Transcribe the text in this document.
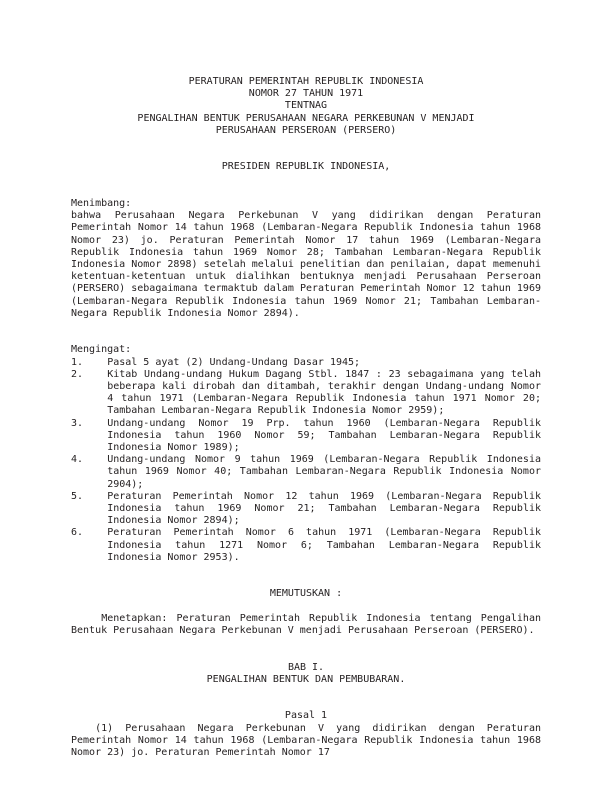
PERATURAN PEMERINTAH REPUBLIK INDONESIA
NOMOR 27 TAHUN 1971
TENTNAG
PENGALIHAN BENTUK PERUSAHAAN NEGARA PERKEBUNAN V MENJADI
PERUSAHAAN PERSEROAN (PERSERO)
PRESIDEN REPUBLIK INDONESIA,
Menimbang:
bahwa Perusahaan Negara Perkebunan V yang didirikan dengan Peraturan Pemerintah Nomor 14 tahun 1968 (Lembaran-Negara Republik Indonesia tahun 1968 Nomor 23) jo. Peraturan Pemerintah Nomor 17 tahun 1969 (Lembaran-Negara Republik Indonesia tahun 1969 Nomor 28; Tambahan Lembaran-Negara Republik Indonesia Nomor 2898) setelah melalui penelitian dan penilaian, dapat memenuhi ketentuan-ketentuan untuk dialihkan bentuknya menjadi Perusahaan Perseroan (PERSERO) sebagaimana termaktub dalam Peraturan Pemerintah Nomor 12 tahun 1969 (Lembaran-Negara Republik Indonesia tahun 1969 Nomor 21; Tambahan Lembaran-Negara Republik Indonesia Nomor 2894).
Mengingat:
1.	Pasal 5 ayat (2) Undang-Undang Dasar 1945;
2.	Kitab Undang-undang Hukum Dagang Stbl. 1847 : 23 sebagaimana yang telah beberapa kali dirobah dan ditambah, terakhir dengan Undang-undang Nomor 4 tahun 1971 (Lembaran-Negara Republik Indonesia tahun 1971 Nomor 20; Tambahan Lembaran-Negara Republik Indonesia Nomor 2959);
3.	Undang-undang Nomor 19 Prp. tahun 1960 (Lembaran-Negara Republik Indonesia tahun 1960 Nomor 59; Tambahan Lembaran-Negara Republik Indonesia Nomor 1989);
4.	Undang-undang Nomor 9 tahun 1969 (Lembaran-Negara Republik Indonesia tahun 1969 Nomor 40; Tambahan Lembaran-Negara Republik Indonesia Nomor 2904);
5.	Peraturan Pemerintah Nomor 12 tahun 1969 (Lembaran-Negara Republik Indonesia tahun 1969 Nomor 21; Tambahan Lembaran-Negara Republik Indonesia Nomor 2894);
6.	Peraturan Pemerintah Nomor 6 tahun 1971 (Lembaran-Negara Republik Indonesia tahun 1271 Nomor 6; Tambahan Lembaran-Negara Republik Indonesia Nomor 2953).
MEMUTUSKAN :
Menetapkan: Peraturan Pemerintah Republik Indonesia tentang Pengalihan Bentuk Perusahaan Negara Perkebunan V menjadi Perusahaan Perseroan (PERSERO).
BAB I.
PENGALIHAN BENTUK DAN PEMBUBARAN.
Pasal 1
(1) Perusahaan Negara Perkebunan V yang didirikan dengan Peraturan Pemerintah Nomor 14 tahun 1968 (Lembaran-Negara Republik Indonesia tahun 1968 Nomor 23) jo. Peraturan Pemerintah Nomor 17
